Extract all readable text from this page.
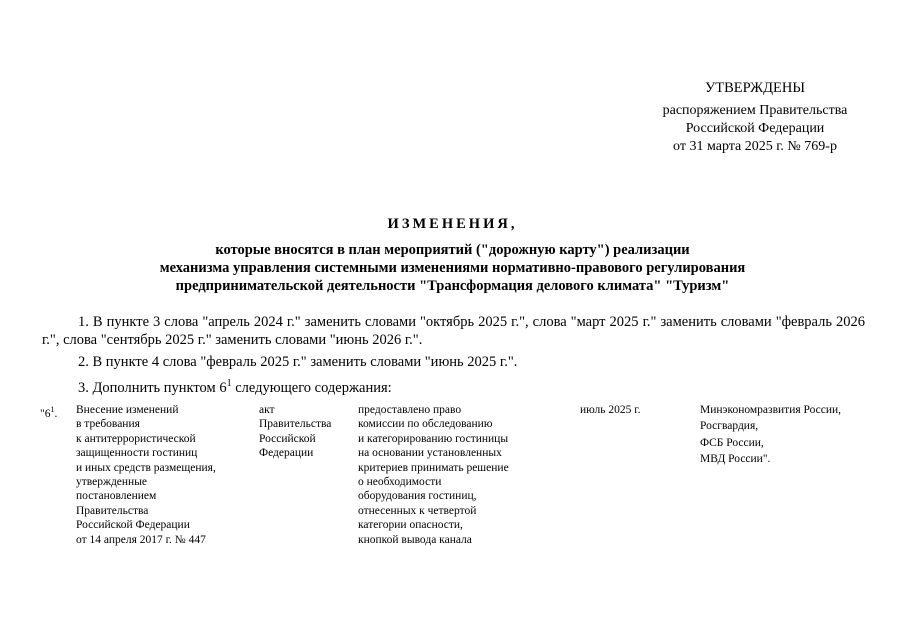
УТВЕРЖДЕНЫ
распоряжением Правительства
Российской Федерации
от 31 марта 2025 г. № 769-р
ИЗМЕНЕНИЯ,
которые вносятся в план мероприятий ("дорожную карту") реализации
механизма управления системными изменениями нормативно-правового регулирования
предпринимательской деятельности "Трансформация делового климата" "Туризм"

1. В пункте 3 слова "апрель 2024 г." заменить словами "октябрь 2025 г.", слова "март 2025 г." заменить словами "февраль 2026 г.", слова "сентябрь 2025 г." заменить словами "июнь 2026 г.".

2. В пункте 4 слова "февраль 2025 г." заменить словами "июнь 2025 г.".

3. Дополнить пунктом $6^1$ следующего содержания:

"$6^1$.	Внесение изменений
в требования
к антитеррористической
защищенности гостиниц
и иных средств размещения,
утвержденные
постановлением
Правительства
Российской Федерации
от 14 апреля 2017 г. № 447
акт
Правительства
Российской
Федерации
предоставлено право
комиссии по обследованию
и категорированию гостиницы
на основании установленных
критериев принимать решение
о необходимости
оборудования гостиниц,
отнесенных к четвертой
категории опасности,
кнопкой вывода канала
июль 2025 г.	Минэкономразвития России,
Росгвардия,
ФСБ России,
МВД России".
